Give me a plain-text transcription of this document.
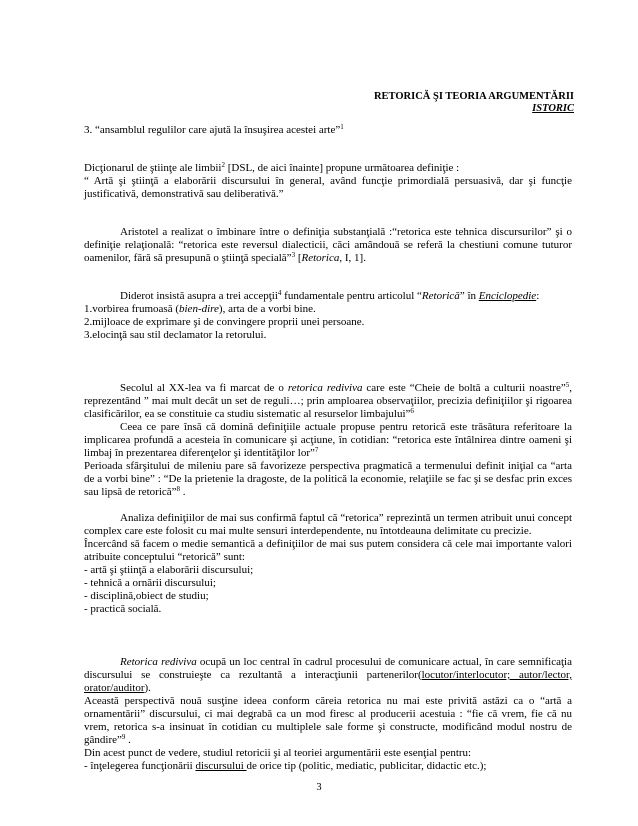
RETORICĂ ŞI TEORIA ARGUMENTĂRII
ISTORIC

3. “ansamblul regulilor care ajută la însuşirea acestei arte”$^1$

Dicţionarul de ştiinţe ale limbii$^2$ [DSL, de aici înainte] propune următoarea definiţie :

“ Artă şi ştiinţă a elaborării discursului în general, având funcţie primordială persuasivă, dar şi funcţie justificativă, demonstrativă sau deliberativă.”

Aristotel a realizat o îmbinare între o definiţia substanţială :“retorica este tehnica discursurilor” şi o definiţie relaţională: “retorica este reversul dialecticii, căci amândouă se referă la chestiuni comune tuturor oamenilor, fără să presupună o ştiinţă specială”$^3$ [Retorica, I, 1].

Diderot insistă asupra a trei accepţii$^4$ fundamentale pentru articolul “Retorică” în Enciclopedie:

1.vorbirea frumoasă (bien-dire), arta de a vorbi bine.

2.mijloace de exprimare şi de convingere proprii unei persoane.

3.elocinţă sau stil declamator la retorului.

Secolul al XX-lea va fi marcat de o retorica rediviva care este “Cheie de boltă a culturii noastre”$^5$, reprezentând ” mai mult decât un set de reguli…; prin amploarea observaţiilor, precizia definiţiilor şi rigoarea clasificărilor, ea se constituie ca studiu sistematic al resurselor limbajului”$^6$

Ceea ce pare însă că domină definiţiile actuale propuse pentru retorică este trăsătura referitoare la implicarea profundă a acesteia în comunicare şi acţiune, în cotidian: “retorica este întâlnirea dintre oameni şi limbaj în prezentarea diferenţelor şi identităţilor lor”$^7$

Perioada sfârşitului de mileniu pare să favorizeze perspectiva pragmatică a termenului definit iniţial ca “arta de a vorbi bine” : “De la prietenie la dragoste, de la politică la economie, relaţiile se fac şi se desfac prin exces sau lipsă de retorică”$^8$ .

Analiza definiţiilor de mai sus confirmă faptul că “retorica” reprezintă un termen atribuit unui concept complex care este folosit cu mai multe sensuri interdependente, nu întotdeauna delimitate cu precizie.

Încercând să facem o medie semantică a definiţiilor de mai sus putem considera că cele mai importante valori atribuite conceptului “retorică” sunt:

- artă şi ştiinţă a elaborării discursului;

- tehnică a ornării discursului;

- disciplină,obiect de studiu;

- practică socială.

Retorica rediviva ocupă un loc central în cadrul procesului de comunicare actual, în care semnificaţia discursului se construieşte ca rezultantă a interacţiunii partenerilor(locutor/interlocutor; autor/lector, orator/auditor).

Această perspectivă nouă susţine ideea conform căreia retorica nu mai este privită astăzi ca o “artă a ornamentării” discursului, ci mai degrabă ca un mod firesc al producerii acestuia : “fie că vrem, fie că nu vrem, retorica s-a insinuat în cotidian cu multiplele sale forme şi constructe, modificând modul nostru de gândire”$^9$ .

Din acest punct de vedere, studiul retoricii şi al teoriei argumentării este esenţial pentru:

- înţelegerea funcţionării discursului de orice tip (politic, mediatic, publicitar, didactic etc.);

3
